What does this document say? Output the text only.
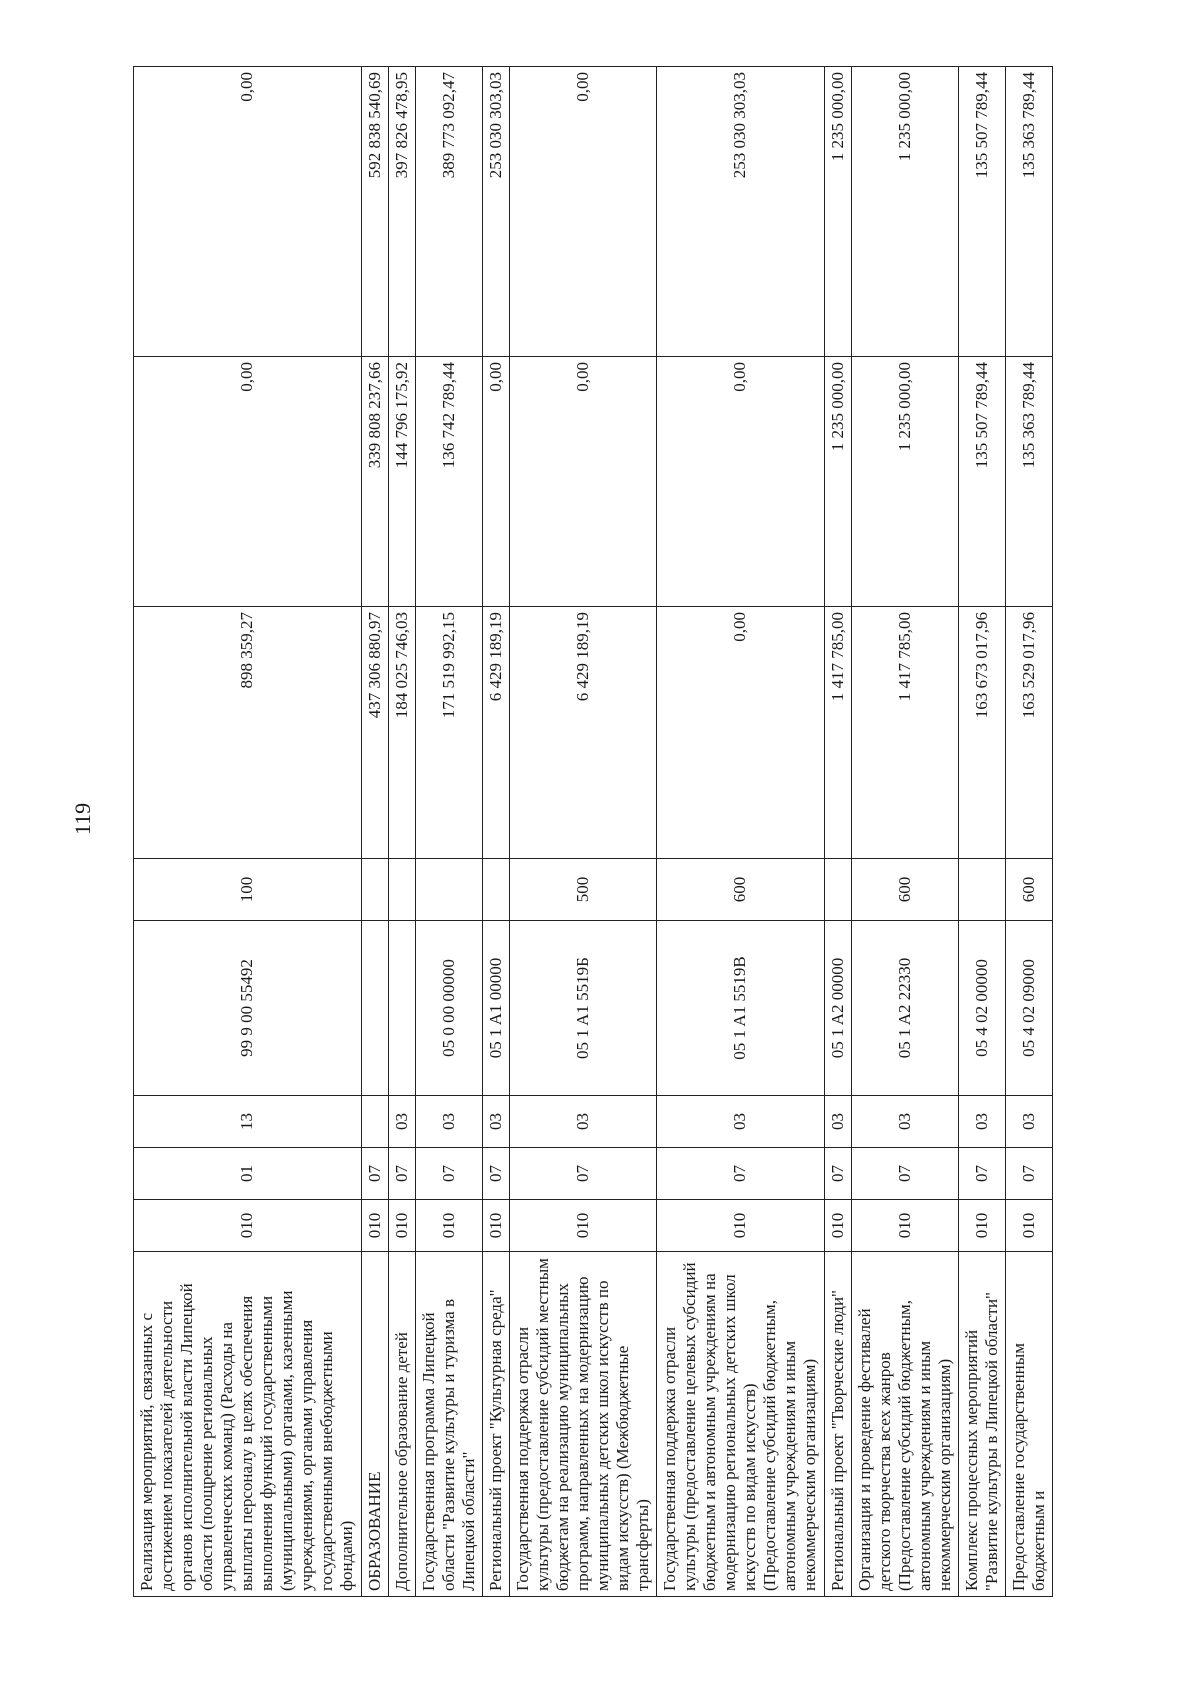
119
Реализация мероприятий, связанных с достижением показателей деятельности органов исполнительной власти Липецкой области (поощрение региональных управленческих команд) (Расходы на выплаты персоналу в целях обеспечения выполнения функций государственными (муниципальными) органами, казенными учреждениями, органами управления государственными внебюджетными фондами)	010	01	13	99 9 00 55492	100	898 359,27	0,00	0,00
ОБРАЗОВАНИЕ	010	07				437 306 880,97	339 808 237,66	592 838 540,69
Дополнительное образование детей	010	07	03			184 025 746,03	144 796 175,92	397 826 478,95
Государственная программа Липецкой области "Развитие культуры и туризма в Липецкой области"	010	07	03	05 0 00 00000		171 519 992,15	136 742 789,44	389 773 092,47
Региональный проект "Культурная среда"	010	07	03	05 1 A1 00000		6 429 189,19	0,00	253 030 303,03
Государственная поддержка отрасли культуры (предоставление субсидий местным бюджетам на реализацию муниципальных программ, направленных на модернизацию муниципальных детских школ искусств по видам искусств) (Межбюджетные трансферты)	010	07	03	05 1 A1 5519Б	500	6 429 189,19	0,00	0,00
Государственная поддержка отрасли культуры (предоставление целевых субсидий бюджетным и автономным учреждениям на модернизацию региональных детских школ искусств по видам искусств) (Предоставление субсидий бюджетным, автономным учреждениям и иным некоммерческим организациям)	010	07	03	05 1 A1 5519В	600	0,00	0,00	253 030 303,03
Региональный проект "Творческие люди"	010	07	03	05 1 A2 00000		1 417 785,00	1 235 000,00	1 235 000,00
Организация и проведение фестивалей детского творчества всех жанров (Предоставление субсидий бюджетным, автономным учреждениям и иным некоммерческим организациям)	010	07	03	05 1 A2 22330	600	1 417 785,00	1 235 000,00	1 235 000,00
Комплекс процессных мероприятий "Развитие культуры в Липецкой области"	010	07	03	05 4 02 00000		163 673 017,96	135 507 789,44	135 507 789,44
Предоставление государственным бюджетным и	010	07	03	05 4 02 09000	600	163 529 017,96	135 363 789,44	135 363 789,44
